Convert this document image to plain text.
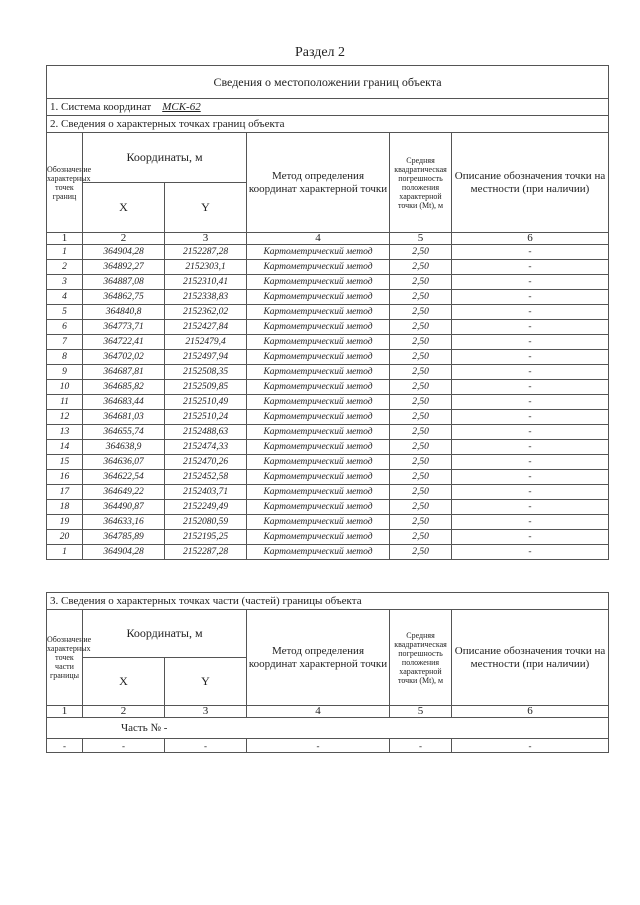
Раздел 2
Сведения о местоположении границ объекта					
1. Система координат МСК-62					
2. Сведения о характерных точках границ объекта					
Обозначение характерных точек границ	Координаты, м		Метод определения координат характерной точки	Средняя квадратическая погрешность положения характерной точки (Mt), м	Описание обозначения точки на местности (при наличии)
	X	Y			
1	2	3	4	5	6
1	364904,28	2152287,28	Картометрический метод	2,50	-
2	364892,27	2152303,1	Картометрический метод	2,50	-
3	364887,08	2152310,41	Картометрический метод	2,50	-
4	364862,75	2152338,83	Картометрический метод	2,50	-
5	364840,8	2152362,02	Картометрический метод	2,50	-
6	364773,71	2152427,84	Картометрический метод	2,50	-
7	364722,41	2152479,4	Картометрический метод	2,50	-
8	364702,02	2152497,94	Картометрический метод	2,50	-
9	364687,81	2152508,35	Картометрический метод	2,50	-
10	364685,82	2152509,85	Картометрический метод	2,50	-
11	364683,44	2152510,49	Картометрический метод	2,50	-
12	364681,03	2152510,24	Картометрический метод	2,50	-
13	364655,74	2152488,63	Картометрический метод	2,50	-
14	364638,9	2152474,33	Картометрический метод	2,50	-
15	364636,07	2152470,26	Картометрический метод	2,50	-
16	364622,54	2152452,58	Картометрический метод	2,50	-
17	364649,22	2152403,71	Картометрический метод	2,50	-
18	364490,87	2152249,49	Картометрический метод	2,50	-
19	364633,16	2152080,59	Картометрический метод	2,50	-
20	364785,89	2152195,25	Картометрический метод	2,50	-
1	364904,28	2152287,28	Картометрический метод	2,50	-
3. Сведения о характерных точках части (частей) границы объекта					
Обозначение характерных точек части границы	Координаты, м		Метод определения координат характерной точки	Средняя квадратическая погрешность положения характерной точки (Mt), м	Описание обозначения точки на местности (при наличии)
	X	Y			
1	2	3	4	5	6
Часть № -					
-	-	-	-	-	-
